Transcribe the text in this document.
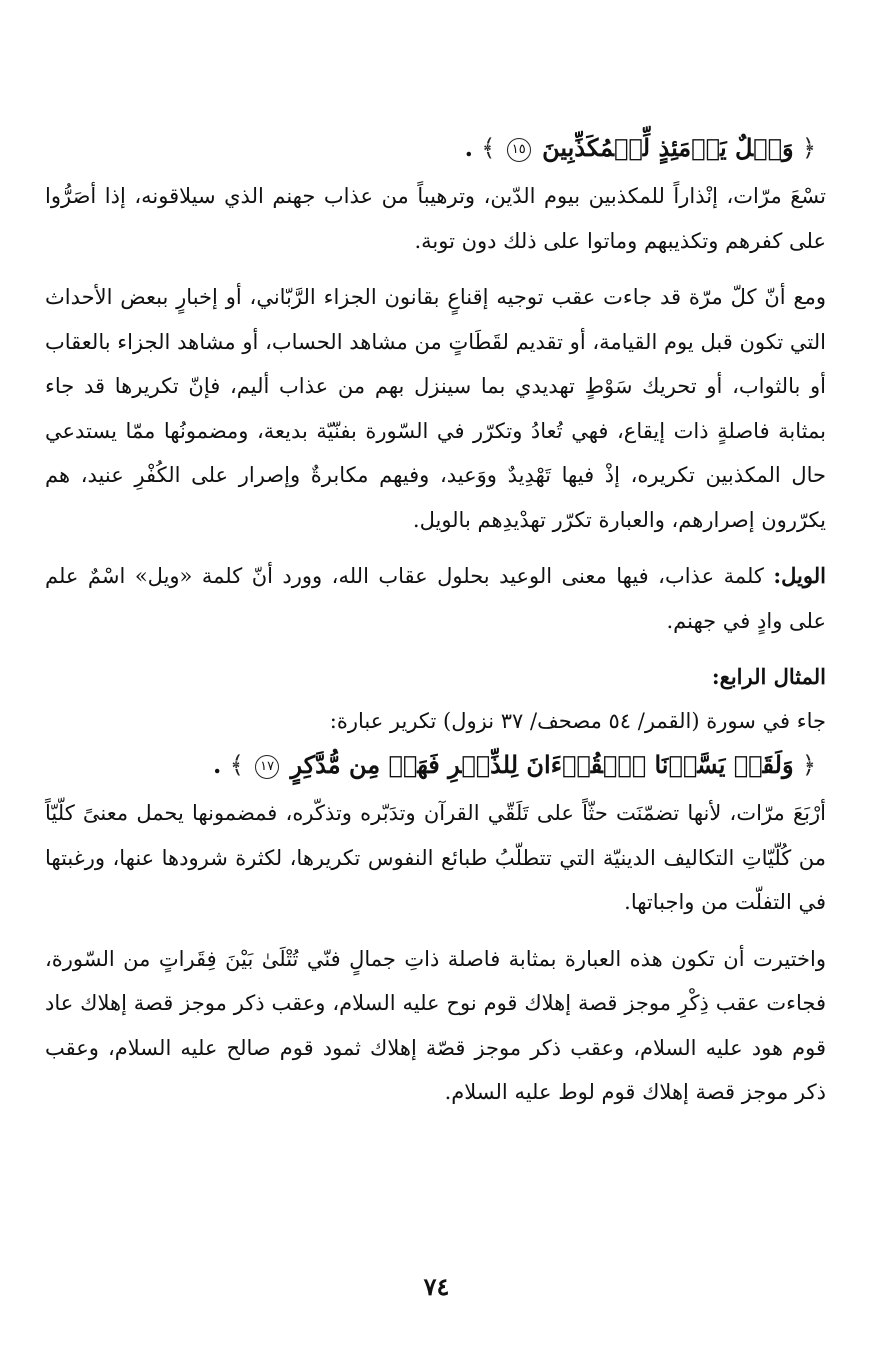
﴿ وَيۡلٌ يَوۡمَئِذٍ لِّلۡمُكَذِّبِينَ ١٥ ﴾ .

تسْعَ مرّات، إنْذاراً للمكذبين بيوم الدّين، وترهيباً من عذاب جهنم الذي سيلاقونه، إذا أصَرُّوا على كفرهم وتكذيبهم وماتوا على ذلك دون توبة.

ومع أنّ كلّ مرّة قد جاءت عقب توجيه إقناعٍ بقانون الجزاء الرَّبّاني، أو إخبارٍ ببعض الأحداث التي تكون قبل يوم القيامة، أو تقديم لقَطَاتٍ من مشاهد الحساب، أو مشاهد الجزاء بالعقاب أو بالثواب، أو تحريك سَوْطٍ تهديدي بما سينزل بهم من عذاب أليم، فإنّ تكريرها قد جاء بمثابة فاصلةٍ ذات إيقاع، فهي تُعادُ وتكرّر في السّورة بفنّيّة بديعة، ومضمونُها ممّا يستدعي حال المكذبين تكريره، إذْ فيها تَهْدِيدٌ ووَعيد، وفيهم مكابرةٌ وإصرار على الكُفْرِ عنيد، هم يكرّرون إصرارهم، والعبارة تكرّر تهدْيدِهم بالويل.

الويل: كلمة عذاب، فيها معنى الوعيد بحلول عقاب الله، وورد أنّ كلمة «ويل» اسْمٌ علم على وادٍ في جهنم.

المثال الرابع:
جاء في سورة (القمر/ ٥٤ مصحف/ ٣٧ نزول) تكرير عبارة:
﴿ وَلَقَدۡ يَسَّرۡنَا ٱلۡقُرۡءَانَ لِلذِّكۡرِ فَهَلۡ مِن مُّدَّكِرٍ ١٧ ﴾ .

أرْبَعَ مرّات، لأنها تضمّنَت حثّاً على تَلَقّي القرآن وتدَبّره وتذكّره، فمضمونها يحمل معنىً كلّيّاً من كُلّيّاتِ التكاليف الدينيّة التي تتطلّبُ طبائع النفوس تكريرها، لكثرة شرودها عنها، ورغبتها في التفلّت من واجباتها.

واختيرت أن تكون هذه العبارة بمثابة فاصلة ذاتِ جمالٍ فنّي تُتْلَىٰ بَيْنَ فِقَراتٍ من السّورة، فجاءت عقب ذِكْرِ موجز قصة إهلاك قوم نوح عليه السلام، وعقب ذكر موجز قصة إهلاك عاد قوم هود عليه السلام، وعقب ذكر موجز قصّة إهلاك ثمود قوم صالح عليه السلام، وعقب ذكر موجز قصة إهلاك قوم لوط عليه السلام.

٧٤
